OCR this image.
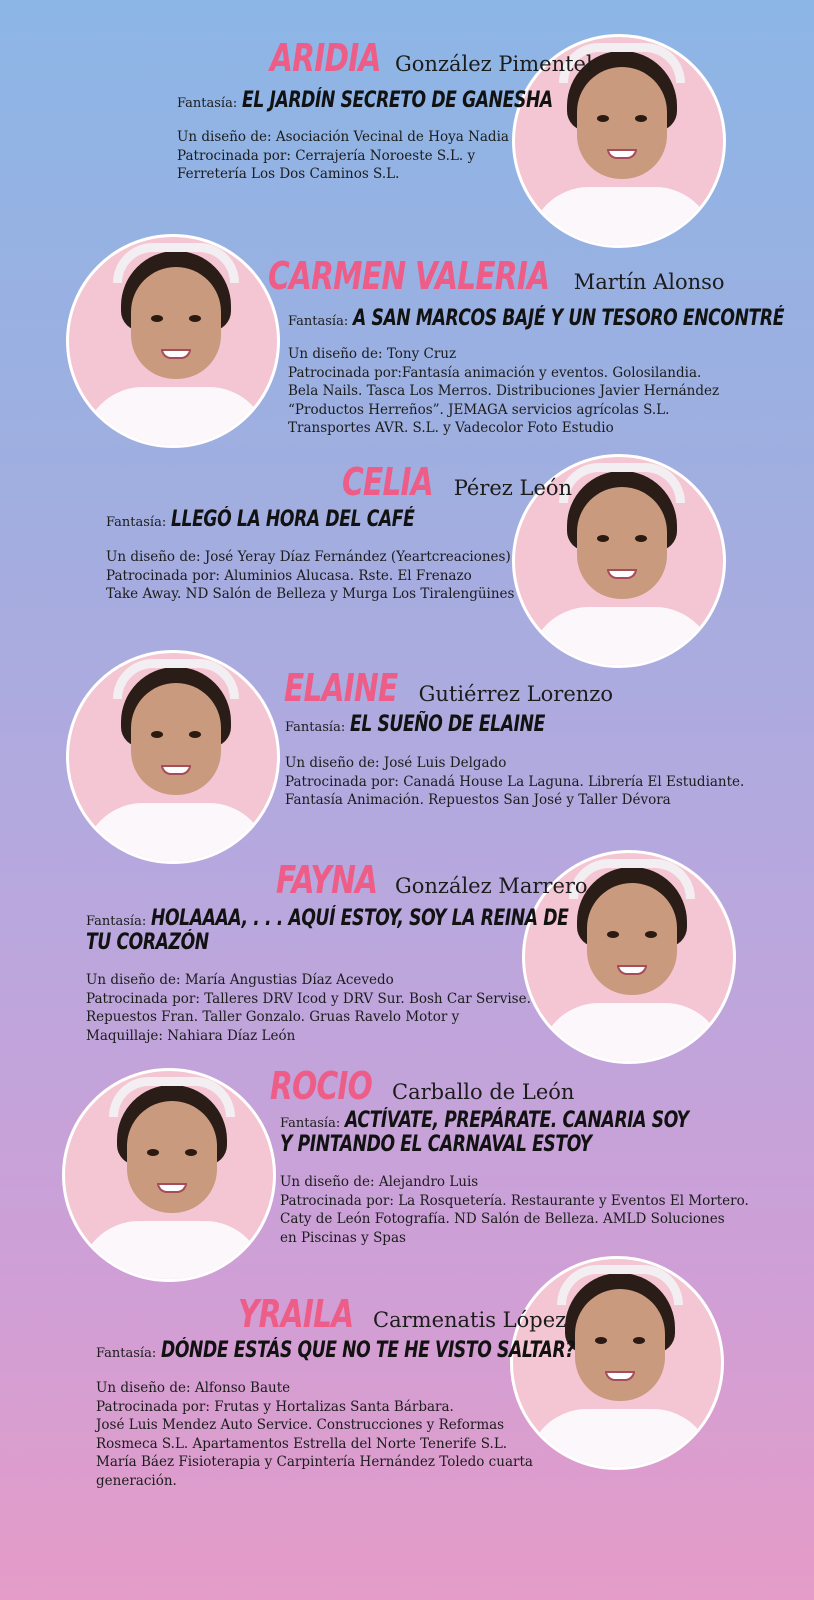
ARIDIA González Pimentel
Fantasía: EL JARDÍN SECRETO DE GANESHA
Un diseño de: Asociación Vecinal de Hoya Nadia
Patrocinada por: Cerrajería Noroeste S.L. y
Ferretería Los Dos Caminos S.L.
CARMEN VALERIA Martín Alonso
Fantasía: A SAN MARCOS BAJÉ Y UN TESORO ENCONTRÉ
Un diseño de: Tony Cruz
Patrocinada por:Fantasía animación y eventos. Golosilandia.
Bela Nails. Tasca Los Merros. Distribuciones Javier Hernández
“Productos Herreños”. JEMAGA servicios agrícolas S.L.
Transportes AVR. S.L. y Vadecolor Foto Estudio
CELIA Pérez León
Fantasía: LLEGÓ LA HORA DEL CAFÉ
Un diseño de: José Yeray Díaz Fernández (Yeartcreaciones)
Patrocinada por: Aluminios Alucasa. Rste. El Frenazo
Take Away. ND Salón de Belleza y Murga Los Tiralengüines
ELAINE Gutiérrez Lorenzo
Fantasía: EL SUEÑO DE ELAINE
Un diseño de: José Luis Delgado
Patrocinada por: Canadá House La Laguna. Librería El Estudiante.
Fantasía Animación. Repuestos San José y Taller Dévora
FAYNA González Marrero
Fantasía: HOLAAAA, . . . AQUÍ ESTOY, SOY LA REINA DE
TU CORAZÓN
Un diseño de: María Angustias Díaz Acevedo
Patrocinada por: Talleres DRV Icod y DRV Sur. Bosh Car Servise.
Repuestos Fran. Taller Gonzalo. Gruas Ravelo Motor y
Maquillaje: Nahiara Díaz León
ROCIO Carballo de León
Fantasía: ACTÍVATE, PREPÁRATE. CANARIA SOY
Y PINTANDO EL CARNAVAL ESTOY
Un diseño de: Alejandro Luis
Patrocinada por: La Rosquetería. Restaurante y Eventos El Mortero.
Caty de León Fotografía. ND Salón de Belleza. AMLD Soluciones
en Piscinas y Spas
YRAILA Carmenatis López
Fantasía: DÓNDE ESTÁS QUE NO TE HE VISTO SALTAR?
Un diseño de: Alfonso Baute
Patrocinada por: Frutas y Hortalizas Santa Bárbara.
José Luis Mendez Auto Service. Construcciones y Reformas
Rosmeca S.L. Apartamentos Estrella del Norte Tenerife S.L.
María Báez Fisioterapia y Carpintería Hernández Toledo cuarta
generación.
